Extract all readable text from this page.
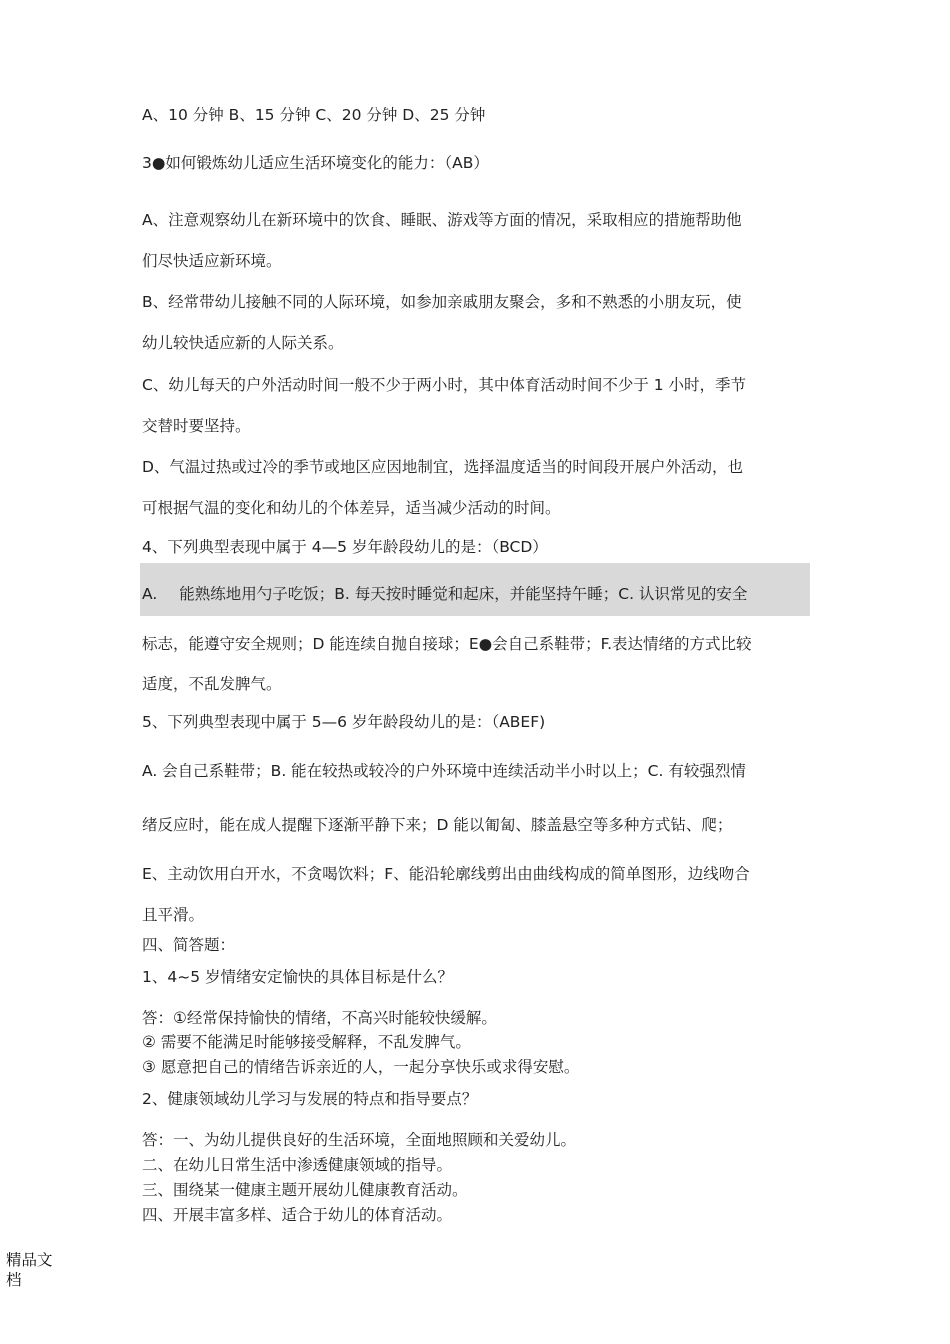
A、10 分钟 B、15 分钟 C、20 分钟 D、25 分钟
3●如何锻炼幼儿适应生活环境变化的能力：（AB）
A、注意观察幼儿在新环境中的饮食、睡眠、游戏等方面的情况，采取相应的措施帮助他
们尽快适应新环境。
B、经常带幼儿接触不同的人际环境，如参加亲戚朋友聚会，多和不熟悉的小朋友玩，使
幼儿较快适应新的人际关系。
C、幼儿每天的户外活动时间一般不少于两小时，其中体育活动时间不少于 1 小时，季节
交替时要坚持。
D、气温过热或过冷的季节或地区应因地制宜，选择温度适当的时间段开展户外活动，也
可根据气温的变化和幼儿的个体差异，适当减少活动的时间。
4、下列典型表现中属于 4—5 岁年龄段幼儿的是：（BCD）
A. 能熟练地用勺子吃饭；B. 每天按时睡觉和起床，并能坚持午睡；C. 认识常见的安全
标志，能遵守安全规则；D 能连续自抛自接球；E●会自己系鞋带；F.表达情绪的方式比较
适度，不乱发脾气。
5、下列典型表现中属于 5—6 岁年龄段幼儿的是：（ABEF)
A. 会自己系鞋带；B. 能在较热或较冷的户外环境中连续活动半小时以上；C. 有较强烈情
绪反应时，能在成人提醒下逐渐平静下来；D 能以匍匐、膝盖悬空等多种方式钻、爬；
E、主动饮用白开水，不贪喝饮料；F、能沿轮廓线剪出由曲线构成的简单图形，边线吻合
且平滑。
四、简答题：
1、4~5 岁情绪安定愉快的具体目标是什么？
答：①经常保持愉快的情绪，不高兴时能较快缓解。
② 需要不能满足时能够接受解释，不乱发脾气。
③ 愿意把自己的情绪告诉亲近的人，一起分享快乐或求得安慰。
2、健康领域幼儿学习与发展的特点和指导要点？
答：一、为幼儿提供良好的生活环境，全面地照顾和关爱幼儿。
二、在幼儿日常生活中渗透健康领域的指导。
三、围绕某一健康主题开展幼儿健康教育活动。
四、开展丰富多样、适合于幼儿的体育活动。
精品文档
